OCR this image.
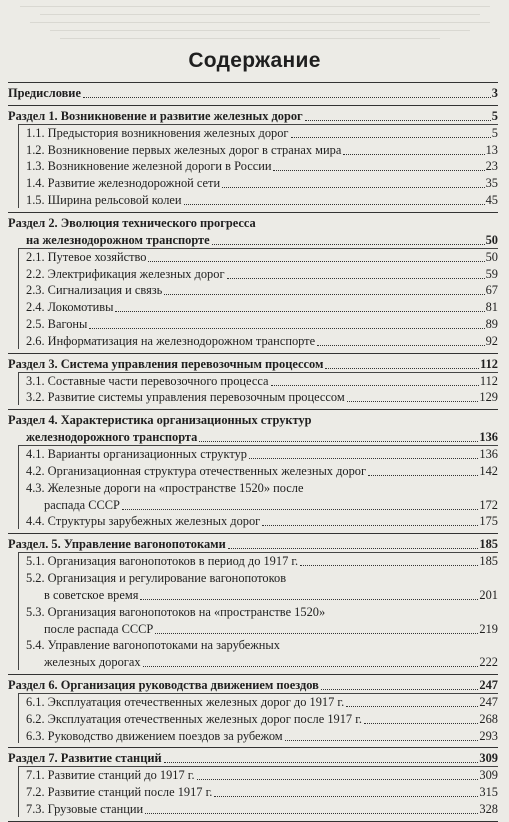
Содержание
Предисловие	3
Раздел 1. Возникновение и развитие железных дорог	5
1.1. Предыстория возникновения железных дорог	5
1.2. Возникновение первых железных дорог в странах мира	13
1.3. Возникновение железной дороги в России	23
1.4. Развитие железнодорожной сети	35
1.5. Ширина рельсовой колеи	45
Раздел 2. Эволюция технического прогресса
на железнодорожном транспорте	50
2.1. Путевое хозяйство	50
2.2. Электрификация железных дорог	59
2.3. Сигнализация и связь	67
2.4. Локомотивы	81
2.5. Вагоны	89
2.6. Информатизация на железнодорожном транспорте	92
Раздел 3. Система управления перевозочным процессом	112
3.1. Составные части перевозочного процесса	112
3.2. Развитие системы управления перевозочным процессом	129
Раздел 4. Характеристика организационных структур
железнодорожного транспорта	136
4.1. Варианты организационных структур	136
4.2. Организационная структура отечественных железных дорог	142
4.3. Железные дороги на «пространстве 1520» после
распада СССР	172
4.4. Структуры зарубежных железных дорог	175
Раздел. 5. Управление вагонопотоками	185
5.1. Организация вагонопотоков в период до 1917 г.	185
5.2. Организация и регулирование вагонопотоков
в советское время	201
5.3. Организация вагонопотоков на «пространстве 15⁠2⁠0»
после распада СССР	219
5.4. Управление вагонопотоками на зарубежных
железных дорогах	222
Раздел 6. Организация руководства движением поездов	247
6.1. Эксплуатация отечественных железных дорог до 1917 г.	247
6.2. Эксплуатация отечественных железных дорог после 1917 г.	268
6.3. Руководство движением поездов за рубежом	293
Раздел 7. Развитие станций	309
7.1. Развитие станций до 1917 г.	309
7.2. Развитие станций после 1917 г.	315
7.3. Грузовые станции	328
